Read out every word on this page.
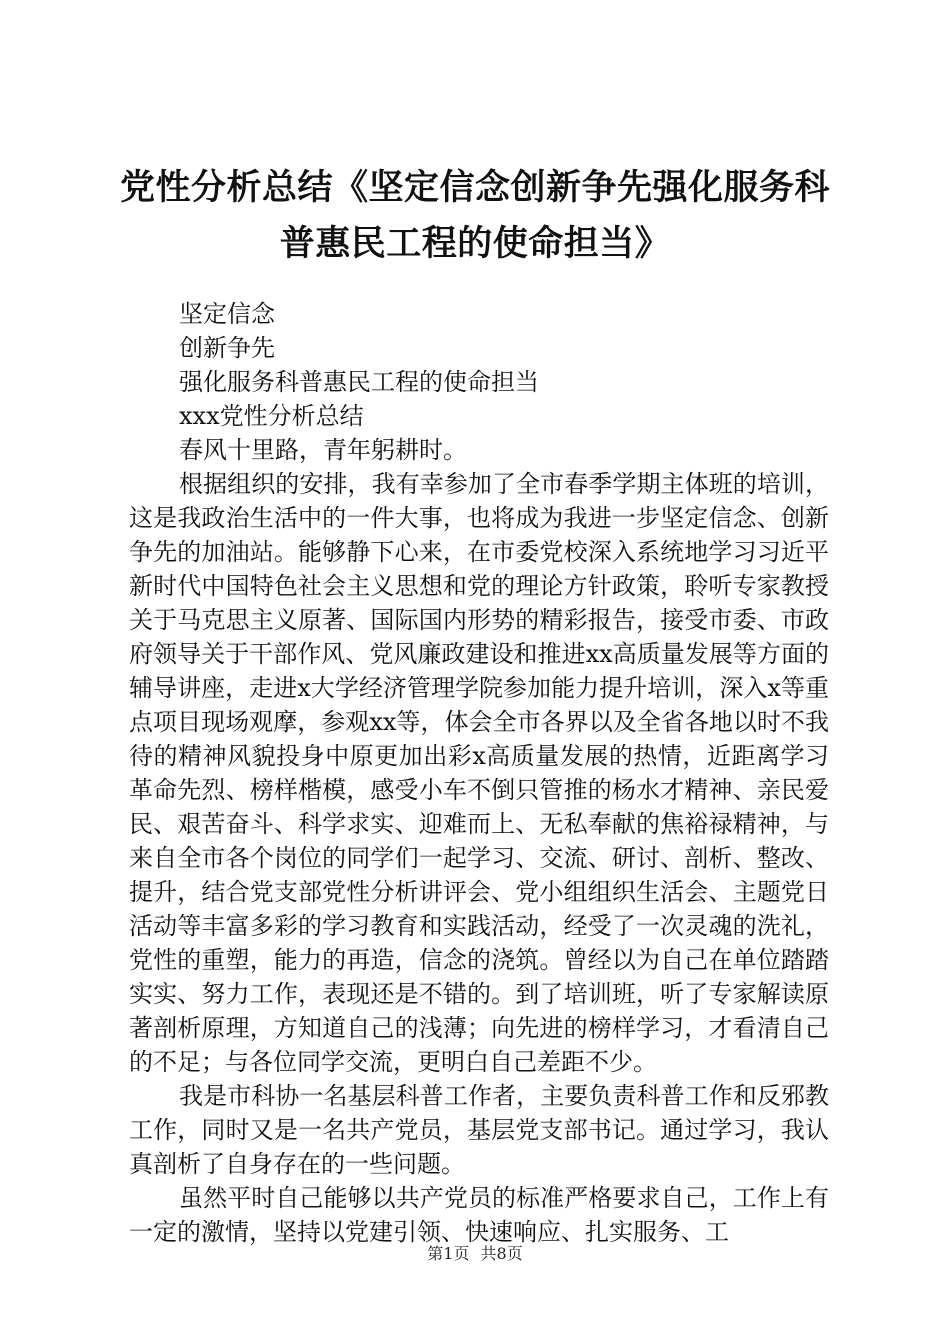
党性分析总结《坚定信念创新争先强化服务科普惠民工程的使命担当》

坚定信念

创新争先

强化服务科普惠民工程的使命担当

xxx党性分析总结

春风十里路，青年躬耕时。

根据组织的安排，我有幸参加了全市春季学期主体班的培训，这是我政治生活中的一件大事，也将成为我进一步坚定信念、创新争先的加油站。能够静下心来，在市委党校深入系统地学习习近平新时代中国特色社会主义思想和党的理论方针政策，聆听专家教授关于马克思主义原著、国际国内形势的精彩报告，接受市委、市政府领导关于干部作风、党风廉政建设和推进xx高质量发展等方面的辅导讲座，走进x大学经济管理学院参加能力提升培训，深入x等重点项目现场观摩，参观xx等，体会全市各界以及全省各地以时不我待的精神风貌投身中原更加出彩x高质量发展的热情，近距离学习革命先烈、榜样楷模，感受小车不倒只管推的杨水才精神、亲民爱民、艰苦奋斗、科学求实、迎难而上、无私奉献的焦裕禄精神，与来自全市各个岗位的同学们一起学习、交流、研讨、剖析、整改、提升，结合党支部党性分析讲评会、党小组组织生活会、主题党日活动等丰富多彩的学习教育和实践活动，经受了一次灵魂的洗礼，党性的重塑，能力的再造，信念的浇筑。曾经以为自己在单位踏踏实实、努力工作，表现还是不错的。到了培训班，听了专家解读原著剖析原理，方知道自己的浅薄；向先进的榜样学习，才看清自己的不足；与各位同学交流，更明白自己差距不少。

我是市科协一名基层科普工作者，主要负责科普工作和反邪教工作，同时又是一名共产党员，基层党支部书记。通过学习，我认真剖析了自身存在的一些问题。

虽然平时自己能够以共产党员的标准严格要求自己，工作上有一定的激情，坚持以党建引领、快速响应、扎实服务、工

第1页 共8页
